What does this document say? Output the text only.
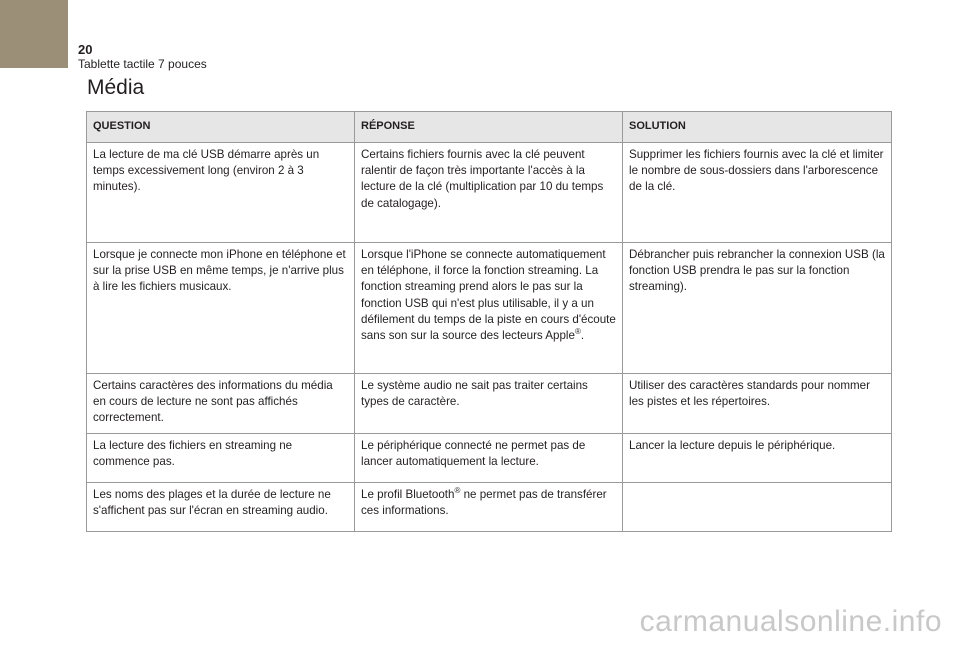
20
Tablette tactile 7 pouces
Média
QUESTION	RÉPONSE	SOLUTION
La lecture de ma clé USB démarre après un temps excessivement long (environ 2 à 3 minutes).	Certains fichiers fournis avec la clé peuvent ralentir de façon très importante l'accès à la lecture de la clé (multiplication par 10 du temps de catalogage).	Supprimer les fichiers fournis avec la clé et limiter le nombre de sous-dossiers dans l'arborescence de la clé.
Lorsque je connecte mon iPhone en téléphone et sur la prise USB en même temps, je n'arrive plus à lire les fichiers musicaux.	Lorsque l'iPhone se connecte automatiquement en téléphone, il force la fonction streaming. La fonction streaming prend alors le pas sur la fonction USB qui n'est plus utilisable, il y a un défilement du temps de la piste en cours d'écoute sans son sur la source des lecteurs Apple®.	Débrancher puis rebrancher la connexion USB (la fonction USB prendra le pas sur la fonction streaming).
Certains caractères des informations du média en cours de lecture ne sont pas affichés correctement.	Le système audio ne sait pas traiter certains types de caractère.	Utiliser des caractères standards pour nommer les pistes et les répertoires.
La lecture des fichiers en streaming ne commence pas.	Le périphérique connecté ne permet pas de lancer automatiquement la lecture.	Lancer la lecture depuis le périphérique.
Les noms des plages et la durée de lecture ne s'affichent pas sur l'écran en streaming audio.	Le profil Bluetooth® ne permet pas de transférer ces informations.	
carmanualsonline.info
